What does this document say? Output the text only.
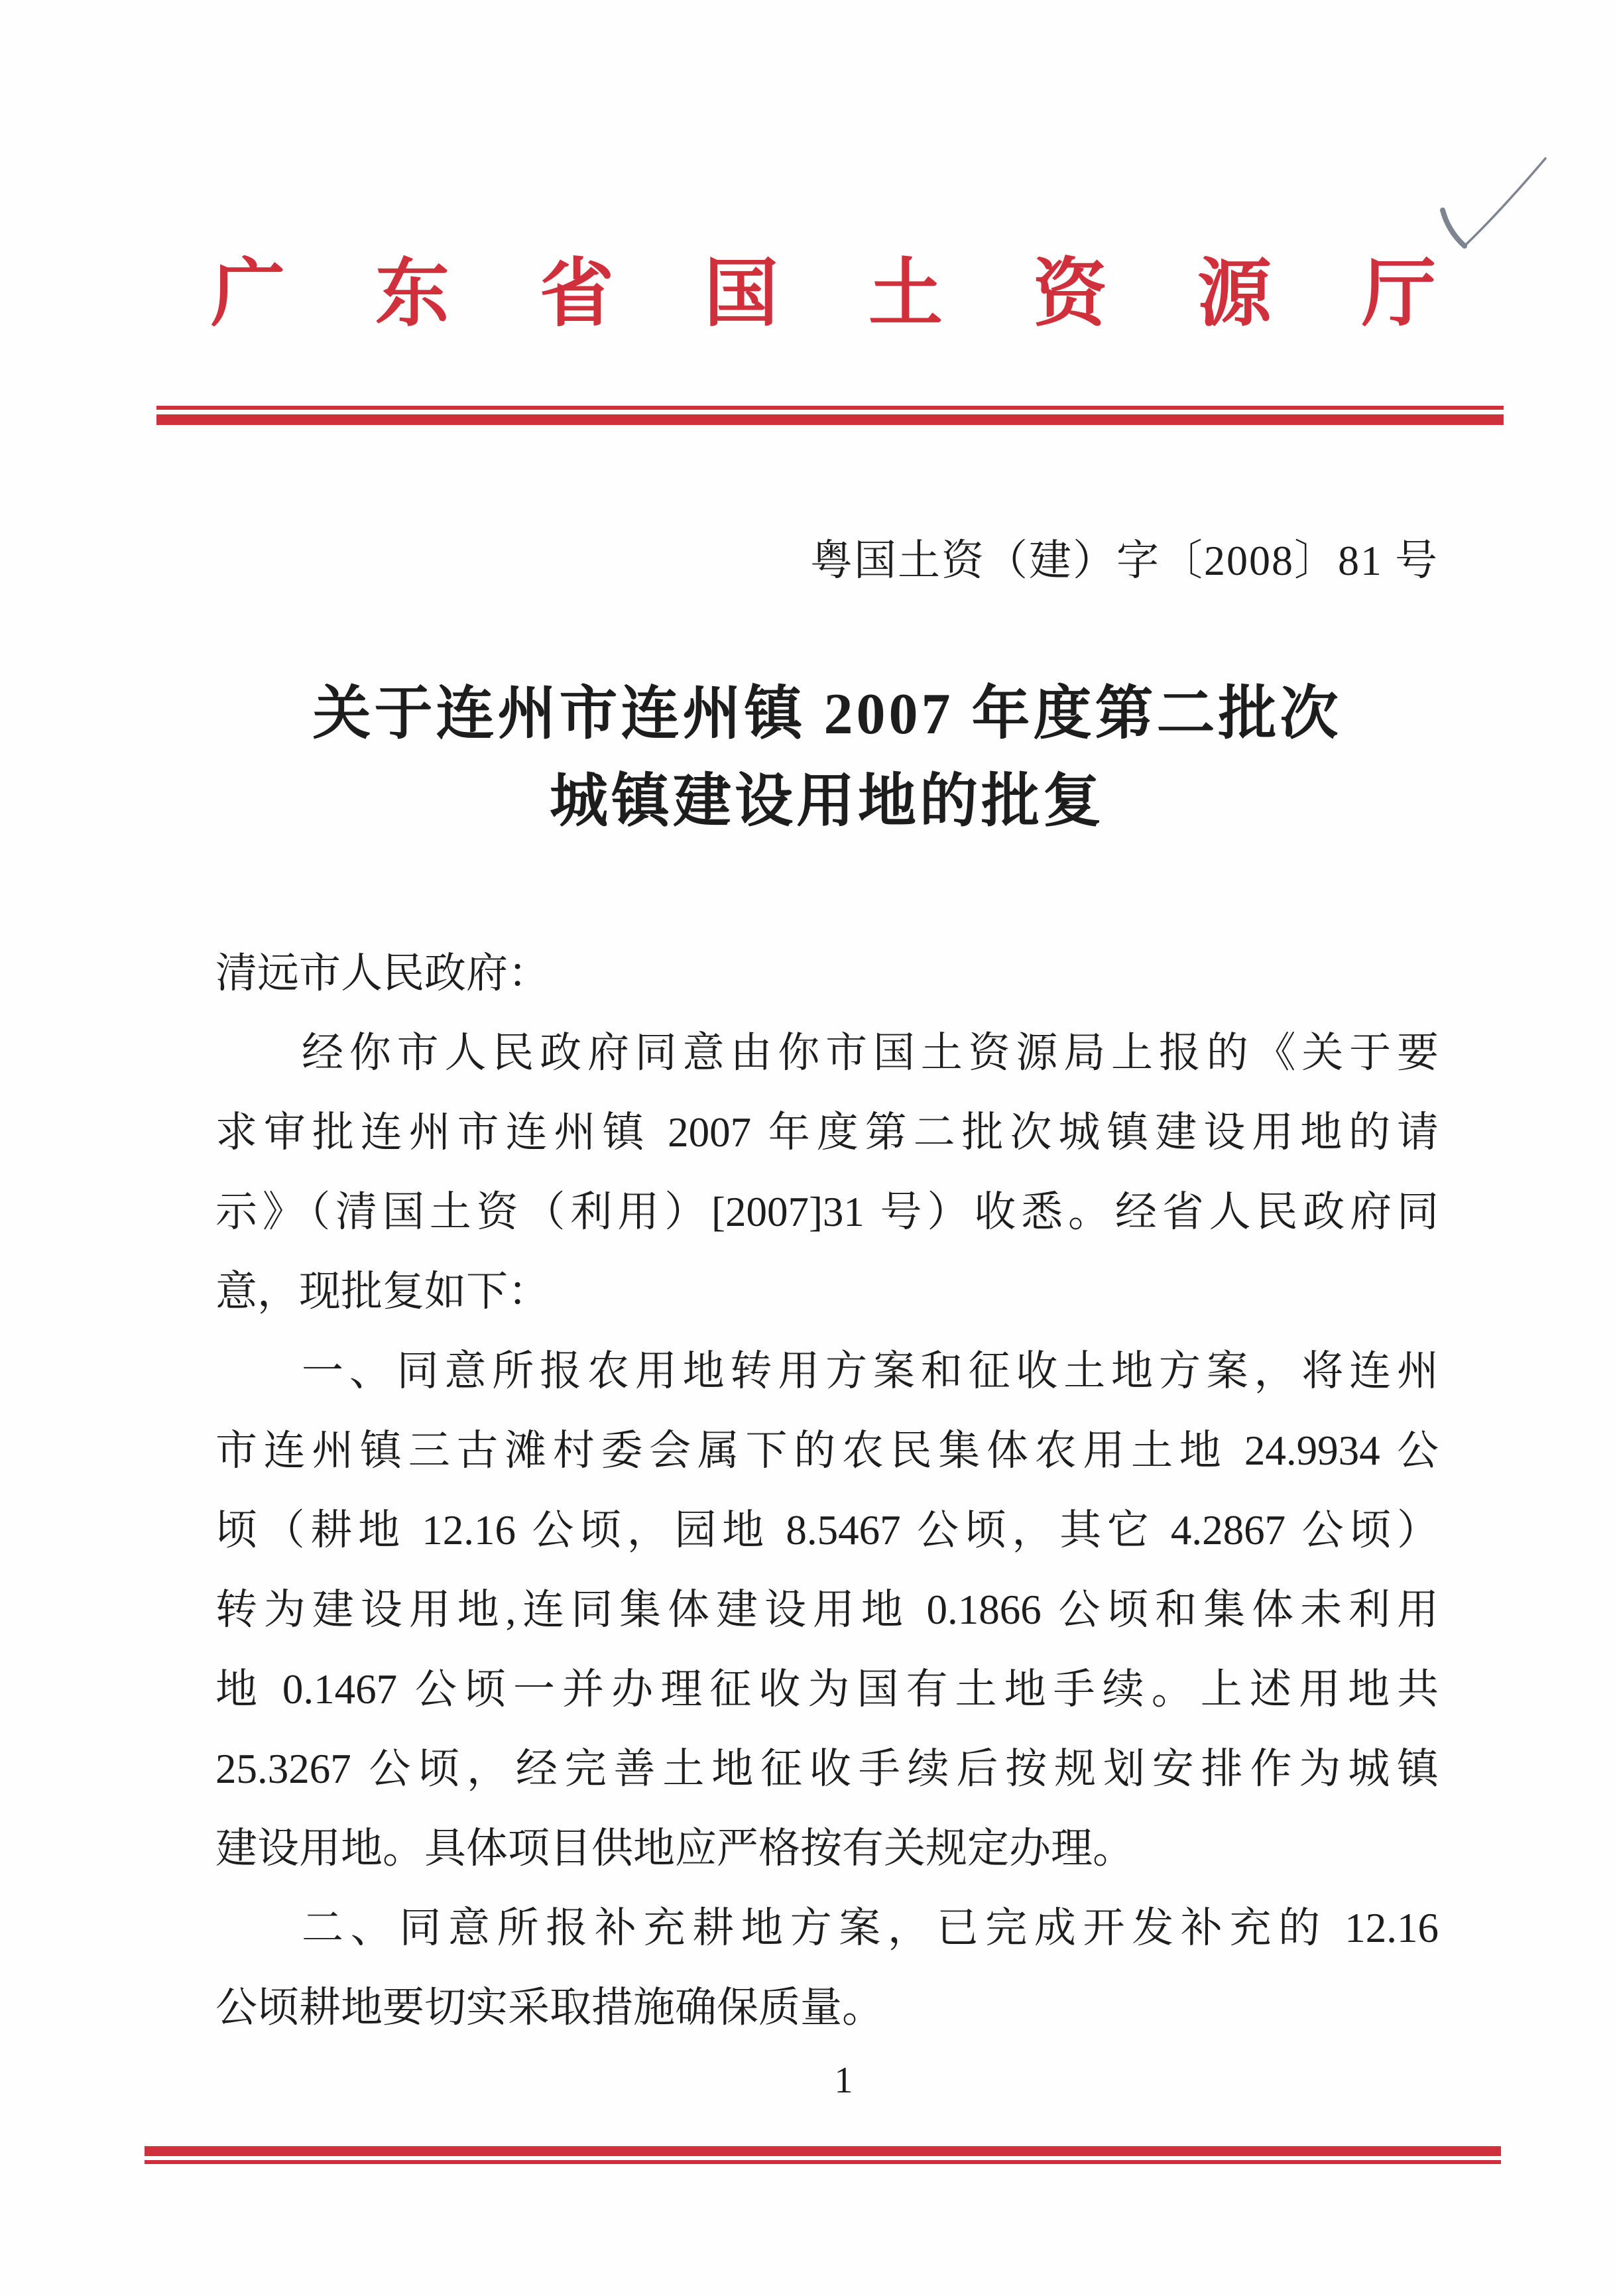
广东省国土资源厅
粤国土资（建）字〔2008〕81 号
关于连州市连州镇 2007 年度第二批次
城镇建设用地的批复
清远市人民政府：
经你市人民政府同意由你市国土资源局上报的《关于要
求审批连州市连州镇 2007 年度第二批次城镇建设用地的请
示》（清国土资（利用）[2007]31 号）收悉。经省人民政府同
意，现批复如下：
一、同意所报农用地转用方案和征收土地方案，将连州
市连州镇三古滩村委会属下的农民集体农用土地 24.9934 公
顷（耕地 12.16 公顷，园地 8.5467 公顷，其它 4.2867 公顷）
转为建设用地,连同集体建设用地 0.1866 公顷和集体未利用
地 0.1467 公顷一并办理征收为国有土地手续。上述用地共
25.3267 公顷，经完善土地征收手续后按规划安排作为城镇
建设用地。具体项目供地应严格按有关规定办理。
二、同意所报补充耕地方案，已完成开发补充的 12.16
公顷耕地要切实采取措施确保质量。
1
